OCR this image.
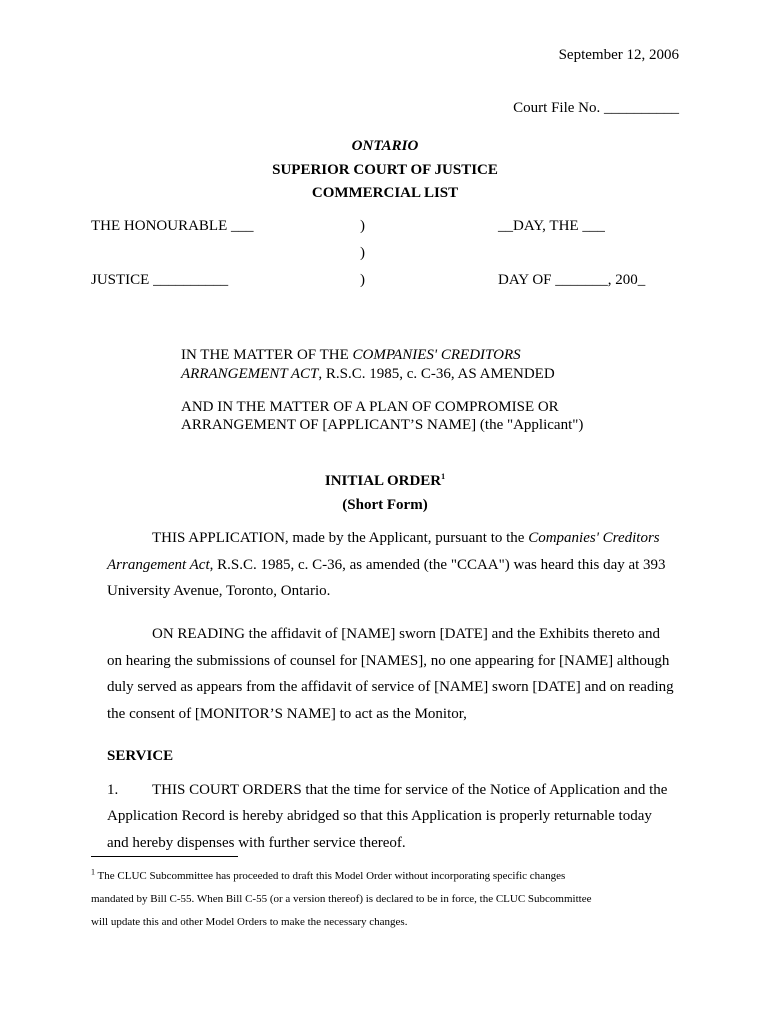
September 12, 2006
Court File No. __________
ONTARIO
SUPERIOR COURT OF JUSTICE
COMMERCIAL LIST
THE HONOURABLE ___	)	__DAY, THE ___
)
JUSTICE __________	)	DAY OF _______, 200_
IN THE MATTER OF THE COMPANIES' CREDITORS
ARRANGEMENT ACT, R.S.C. 1985, c. C-36, AS AMENDED
AND IN THE MATTER OF A PLAN OF COMPROMISE OR
ARRANGEMENT OF [APPLICANT’S NAME] (the "Applicant")
INITIAL ORDER$^1$
(Short Form)
THIS APPLICATION, made by the Applicant, pursuant to the Companies' Creditors
Arrangement Act, R.S.C. 1985, c. C-36, as amended (the "CCAA") was heard this day at 393
University Avenue, Toronto, Ontario.
ON READING the affidavit of [NAME] sworn [DATE] and the Exhibits thereto and
on hearing the submissions of counsel for [NAMES], no one appearing for [NAME] although
duly served as appears from the affidavit of service of [NAME] sworn [DATE] and on reading
the consent of [MONITOR’S NAME] to act as the Monitor,
SERVICE
1. THIS COURT ORDERS that the time for service of the Notice of Application and the
Application Record is hereby abridged so that this Application is properly returnable today
and hereby dispenses with further service thereof.
$^1$ The CLUC Subcommittee has proceeded to draft this Model Order without incorporating specific changes
mandated by Bill C-55. When Bill C-55 (or a version thereof) is declared to be in force, the CLUC Subcommittee
will update this and other Model Orders to make the necessary changes.
